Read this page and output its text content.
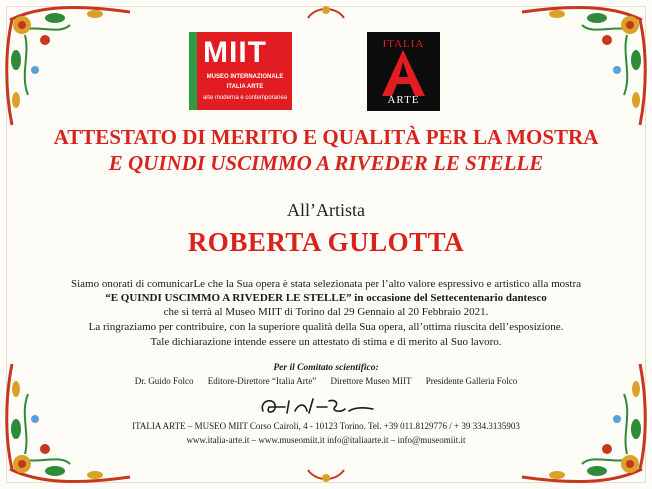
MIIT
MUSEO INTERNAZIONALE
ITALIA ARTE
arte moderna e contemporanea
ITALIA
ARTE
ATTESTATO DI MERITO E QUALITÀ PER LA MOSTRA
E QUINDI USCIMMO A RIVEDER LE STELLE
All’Artista
ROBERTA GULOTTA
Siamo onorati di comunicarLe che la Sua opera è stata selezionata per l’alto valore espressivo e artistico alla mostra
“E QUINDI USCIMMO A RIVEDER LE STELLE” in occasione del Settecentenario dantesco
che si terrà al Museo MIIT di Torino dal 29 Gennaio al 20 Febbraio 2021.
La ringraziamo per contribuire, con la superiore qualità della Sua opera, all’ottima riuscita dell’esposizione.
Tale dichiarazione intende essere un attestato di stima e di merito al Suo lavoro.
Per il Comitato scientifico:
Dr. Guido Folco Editore-Direttore “Italia Arte” Direttore Museo MIIT Presidente Galleria Folco
ITALIA ARTE – MUSEO MIIT Corso Cairoli, 4 - 10123 Torino. Tel. +39 011.8129776 / + 39 334.3135903
www.italia-arte.it – www.museomiit.it info@italiaarte.it – info@museomiit.it
